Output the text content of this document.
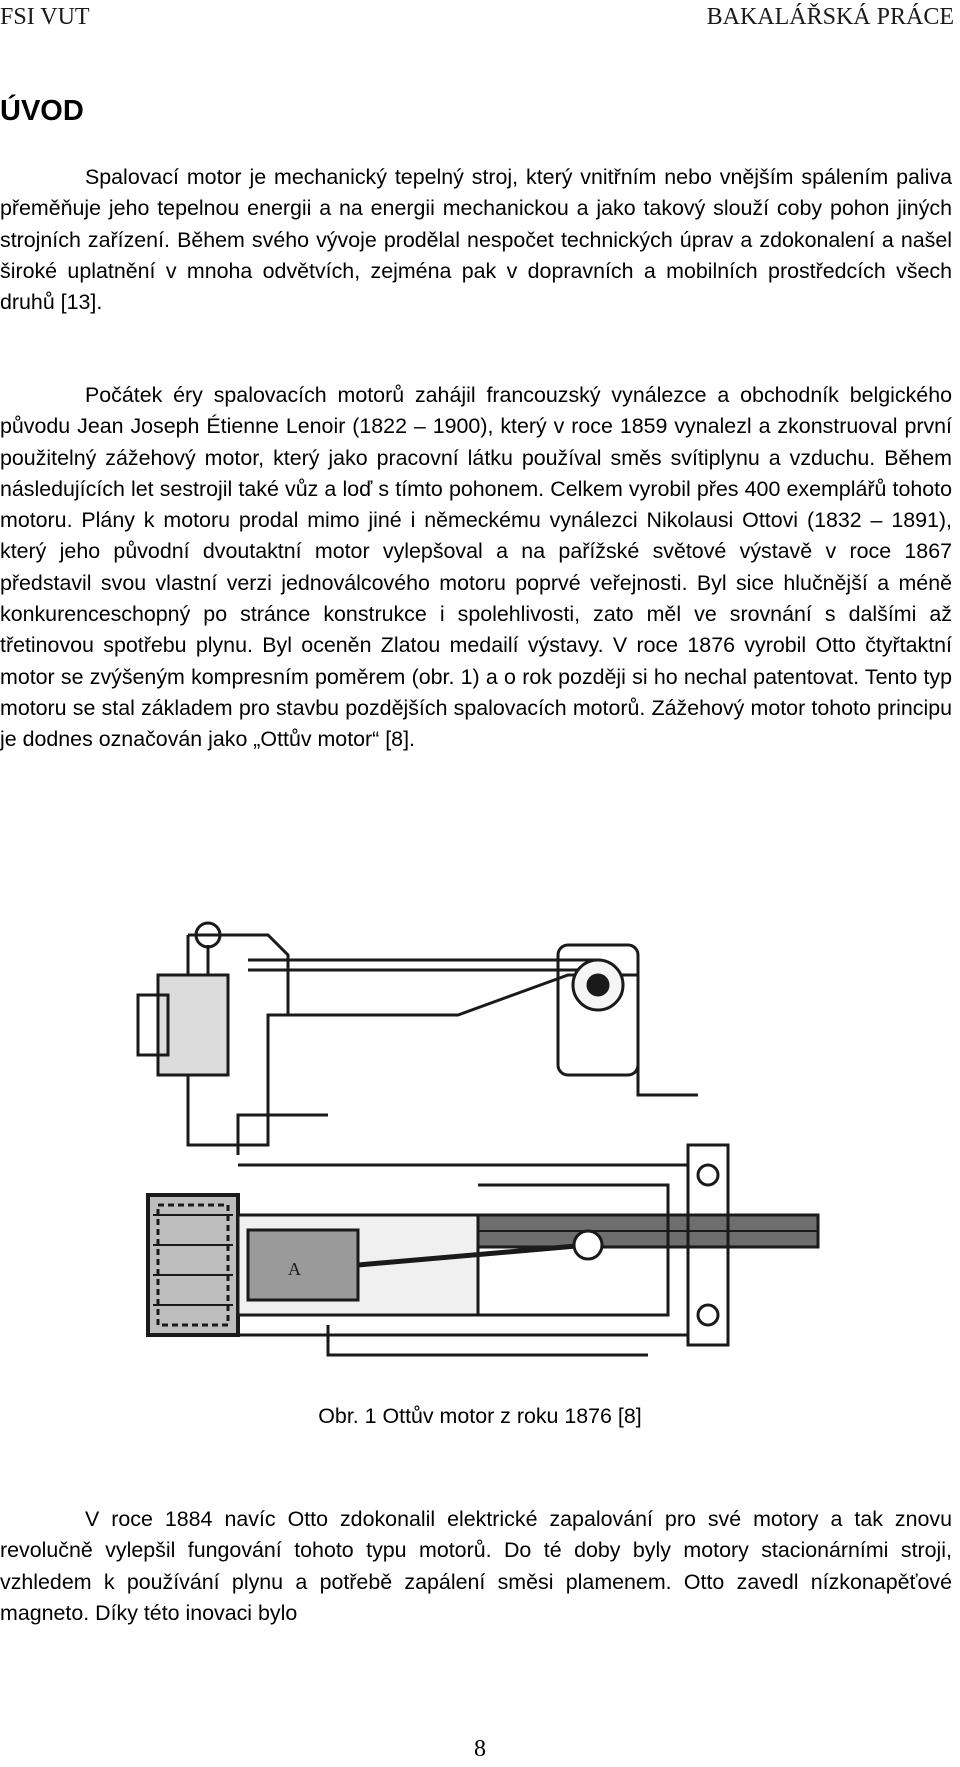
FSI VUT	BAKALÁŘSKÁ PRÁCE
ÚVOD

Spalovací motor je mechanický tepelný stroj, který vnitřním nebo vnějším spálením paliva přeměňuje jeho tepelnou energii a na energii mechanickou a jako takový slouží coby pohon jiných strojních zařízení. Během svého vývoje prodělal nespočet technických úprav a zdokonalení a našel široké uplatnění v mnoha odvětvích, zejména pak v dopravních a mobilních prostředcích všech druhů [13].

Počátek éry spalovacích motorů zahájil francouzský vynálezce a obchodník belgického původu Jean Joseph Étienne Lenoir (1822 – 1900), který v roce 1859 vynalezl a zkonstruoval první použitelný zážehový motor, který jako pracovní látku používal směs svítiplynu a vzduchu. Během následujících let sestrojil také vůz a loď s tímto pohonem. Celkem vyrobil přes 400 exemplářů tohoto motoru. Plány k motoru prodal mimo jiné i německému vynálezci Nikolausi Ottovi (1832 – 1891), který jeho původní dvoutaktní motor vylepšoval a na pařížské světové výstavě v roce 1867 představil svou vlastní verzi jednoválcového motoru poprvé veřejnosti. Byl sice hlučnější a méně konkurenceschopný po stránce konstrukce i spolehlivosti, zato měl ve srovnání s dalšími až třetinovou spotřebu plynu. Byl oceněn Zlatou medailí výstavy. V roce 1876 vyrobil Otto čtyřtaktní motor se zvýšeným kompresním poměrem (obr. 1) a o rok později si ho nechal patentovat. Tento typ motoru se stal základem pro stavbu pozdějších spalovacích motorů. Zážehový motor tohoto principu je dodnes označován jako „Ottův motor“ [8].

A

Obr. 1 Ottův motor z roku 1876 [8]

V roce 1884 navíc Otto zdokonalil elektrické zapalování pro své motory a tak znovu revolučně vylepšil fungování tohoto typu motorů. Do té doby byly motory stacionárními stroji, vzhledem k používání plynu a potřebě zapálení směsi plamenem. Otto zavedl nízkonapěťové magneto. Díky této inovaci bylo

8
